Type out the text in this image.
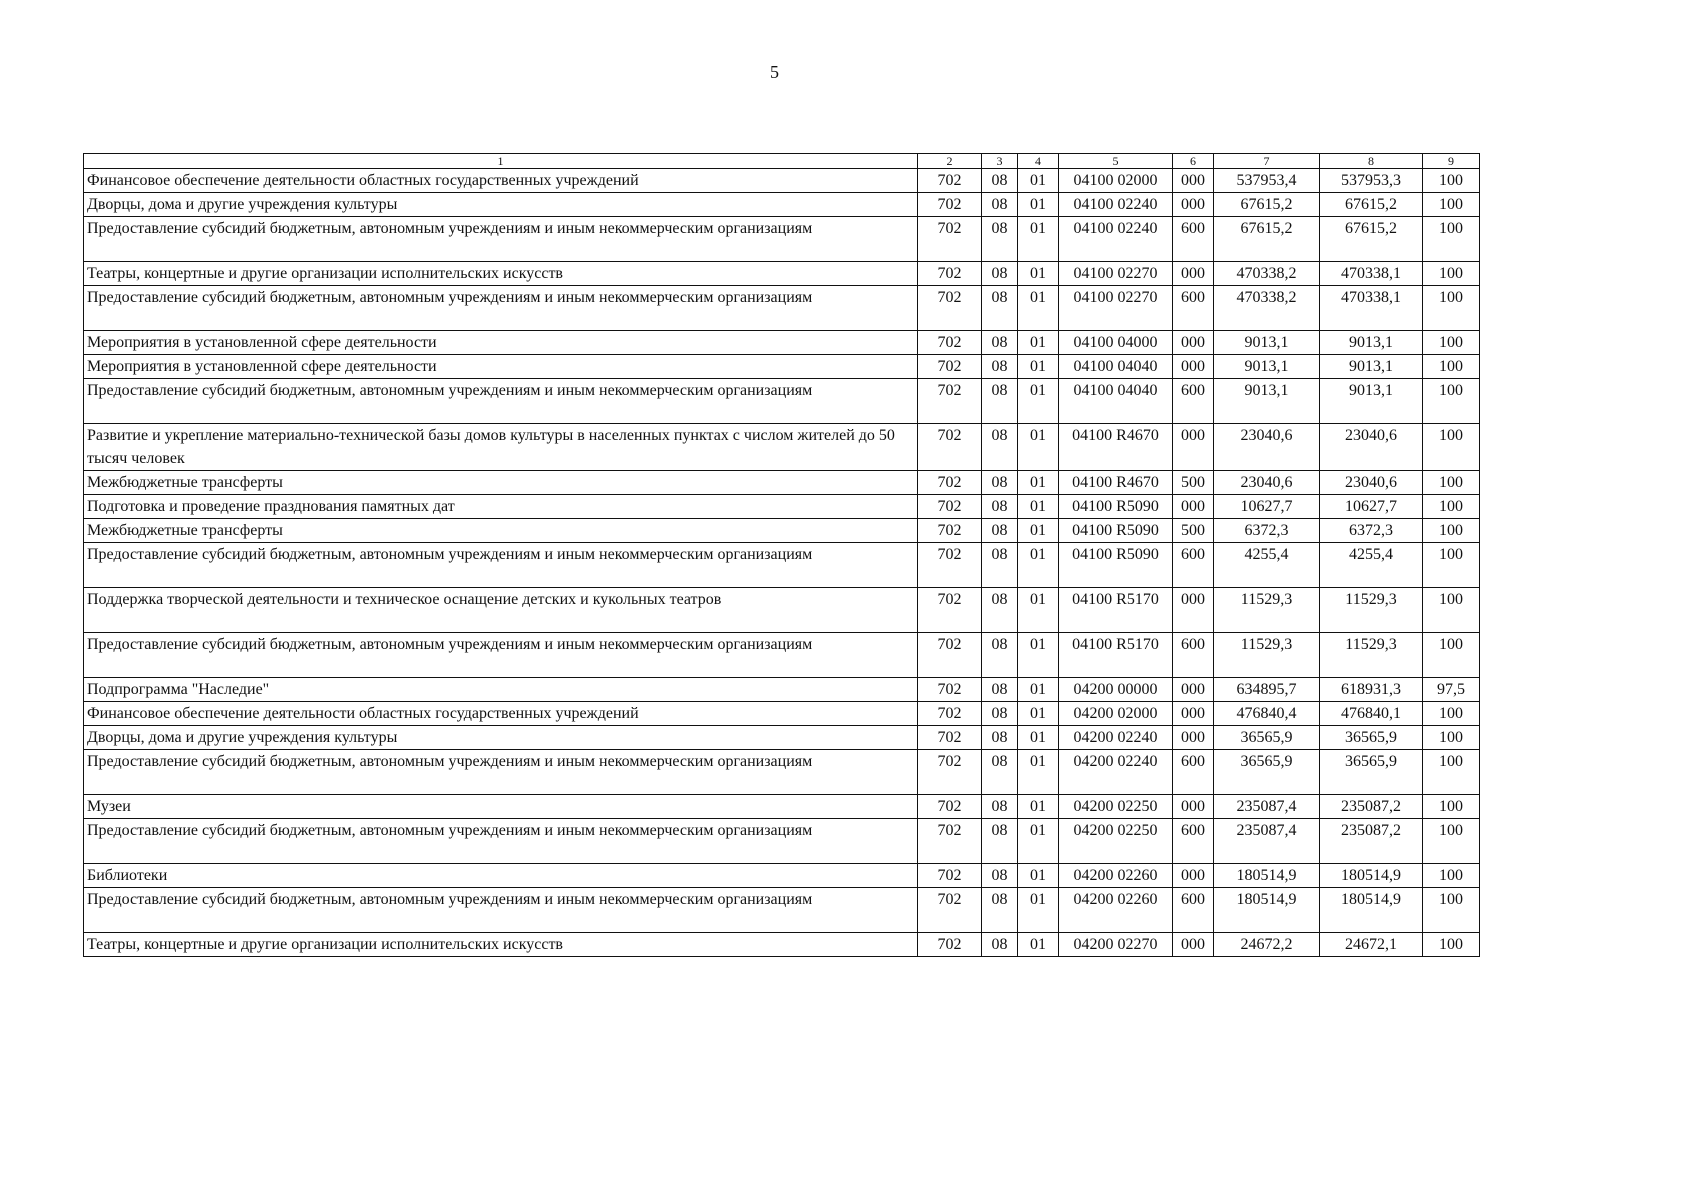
5
1	2	3	4	5	6	7	8	9
Финансовое обеспечение деятельности областных государственных учреждений	702	08	01	04100 02000	000	537953,4	537953,3	100
Дворцы, дома и другие учреждения культуры	702	08	01	04100 02240	000	67615,2	67615,2	100
Предоставление субсидий бюджетным, автономным учреждениям и иным некоммерческим организациям	702	08	01	04100 02240	600	67615,2	67615,2	100
Театры, концертные и другие организации исполнительских искусств	702	08	01	04100 02270	000	470338,2	470338,1	100
Предоставление субсидий бюджетным, автономным учреждениям и иным некоммерческим организациям	702	08	01	04100 02270	600	470338,2	470338,1	100
Мероприятия в установленной сфере деятельности	702	08	01	04100 04000	000	9013,1	9013,1	100
Мероприятия в установленной сфере деятельности	702	08	01	04100 04040	000	9013,1	9013,1	100
Предоставление субсидий бюджетным, автономным учреждениям и иным некоммерческим организациям	702	08	01	04100 04040	600	9013,1	9013,1	100
Развитие и укрепление материально-технической базы домов культуры в населенных пунктах с числом жителей до 50 тысяч человек	702	08	01	04100 R4670	000	23040,6	23040,6	100
Межбюджетные трансферты	702	08	01	04100 R4670	500	23040,6	23040,6	100
Подготовка и проведение празднования памятных дат	702	08	01	04100 R5090	000	10627,7	10627,7	100
Межбюджетные трансферты	702	08	01	04100 R5090	500	6372,3	6372,3	100
Предоставление субсидий бюджетным, автономным учреждениям и иным некоммерческим организациям	702	08	01	04100 R5090	600	4255,4	4255,4	100
Поддержка творческой деятельности и техническое оснащение детских и кукольных театров	702	08	01	04100 R5170	000	11529,3	11529,3	100
Предоставление субсидий бюджетным, автономным учреждениям и иным некоммерческим организациям	702	08	01	04100 R5170	600	11529,3	11529,3	100
Подпрограмма "Наследие"	702	08	01	04200 00000	000	634895,7	618931,3	97,5
Финансовое обеспечение деятельности областных государственных учреждений	702	08	01	04200 02000	000	476840,4	476840,1	100
Дворцы, дома и другие учреждения культуры	702	08	01	04200 02240	000	36565,9	36565,9	100
Предоставление субсидий бюджетным, автономным учреждениям и иным некоммерческим организациям	702	08	01	04200 02240	600	36565,9	36565,9	100
Музеи	702	08	01	04200 02250	000	235087,4	235087,2	100
Предоставление субсидий бюджетным, автономным учреждениям и иным некоммерческим организациям	702	08	01	04200 02250	600	235087,4	235087,2	100
Библиотеки	702	08	01	04200 02260	000	180514,9	180514,9	100
Предоставление субсидий бюджетным, автономным учреждениям и иным некоммерческим организациям	702	08	01	04200 02260	600	180514,9	180514,9	100
Театры, концертные и другие организации исполнительских искусств	702	08	01	04200 02270	000	24672,2	24672,1	100
